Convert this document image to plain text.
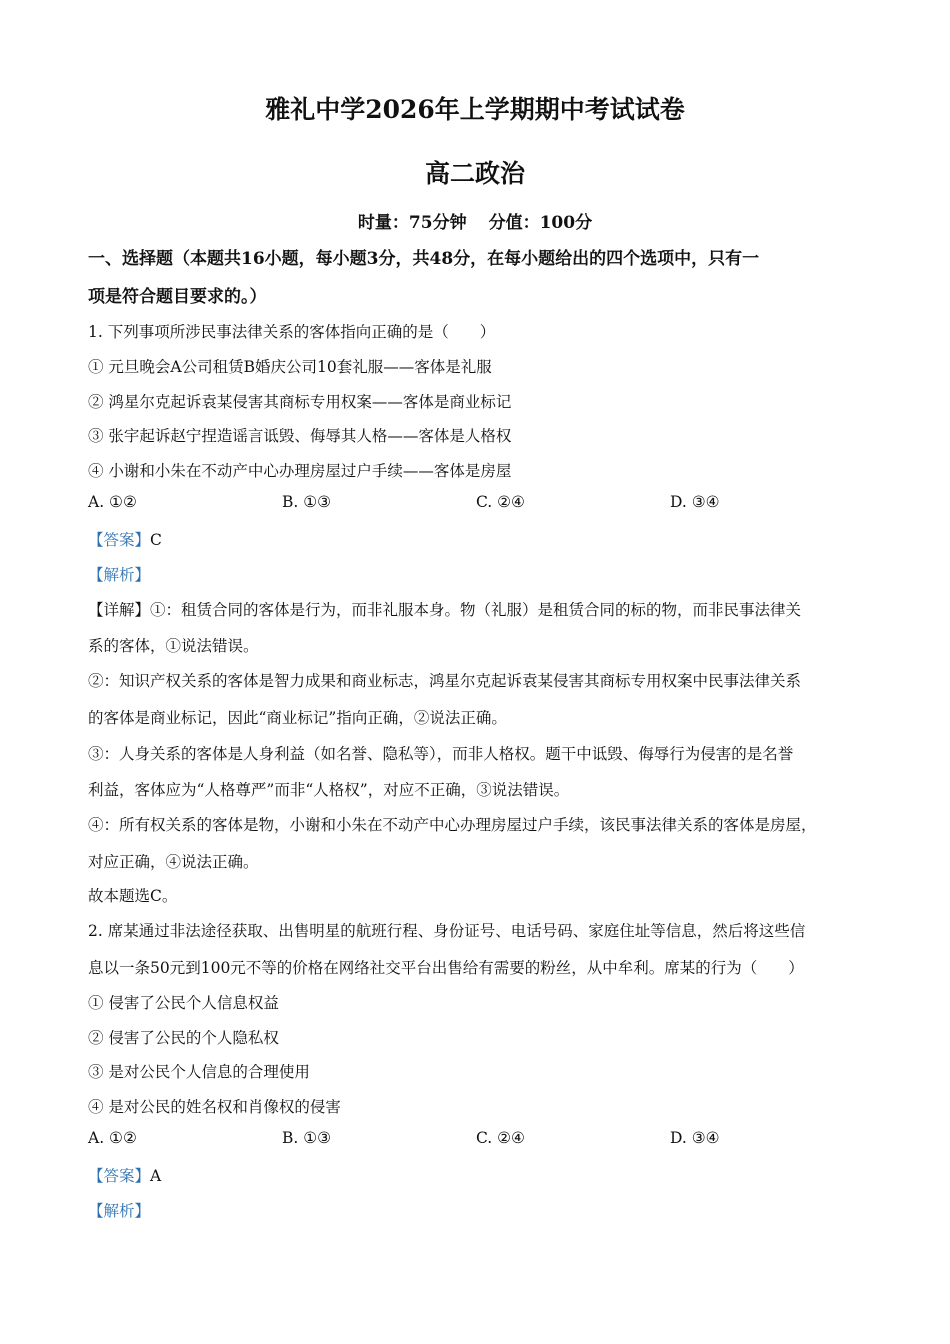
雅礼中学2026年上学期期中考试试卷
高二政治
时量：75分钟 分值：100分
一、选择题（本题共16小题，每小题3分，共48分，在每小题给出的四个选项中，只有一
项是符合题目要求的。）
1. 下列事项所涉民事法律关系的客体指向正确的是（　　）
① 元旦晚会A公司租赁B婚庆公司10套礼服——客体是礼服
② 鸿星尔克起诉袁某侵害其商标专用权案——客体是商业标记
③ 张宇起诉赵宁捏造谣言诋毁、侮辱其人格——客体是人格权
④ 小谢和小朱在不动产中心办理房屋过户手续——客体是房屋
A. ①②	B. ①③	C. ②④	D. ③④
【答案】C
【解析】
【详解】①：租赁合同的客体是行为，而非礼服本身。物（礼服）是租赁合同的标的物，而非民事法律关
系的客体，①说法错误。
②：知识产权关系的客体是智力成果和商业标志，鸿星尔克起诉袁某侵害其商标专用权案中民事法律关系
的客体是商业标记，因此“商业标记”指向正确，②说法正确。
③：人身关系的客体是人身利益（如名誉、隐私等），而非人格权。题干中诋毁、侮辱行为侵害的是名誉
利益，客体应为“人格尊严”而非“人格权”，对应不正确，③说法错误。
④：所有权关系的客体是物，小谢和小朱在不动产中心办理房屋过户手续，该民事法律关系的客体是房屋，
对应正确，④说法正确。
故本题选C。
2. 席某通过非法途径获取、出售明星的航班行程、身份证号、电话号码、家庭住址等信息，然后将这些信
息以一条50元到100元不等的价格在网络社交平台出售给有需要的粉丝，从中牟利。席某的行为（　　）
① 侵害了公民个人信息权益
② 侵害了公民的个人隐私权
③ 是对公民个人信息的合理使用
④ 是对公民的姓名权和肖像权的侵害
A. ①②	B. ①③	C. ②④	D. ③④
【答案】A
【解析】
